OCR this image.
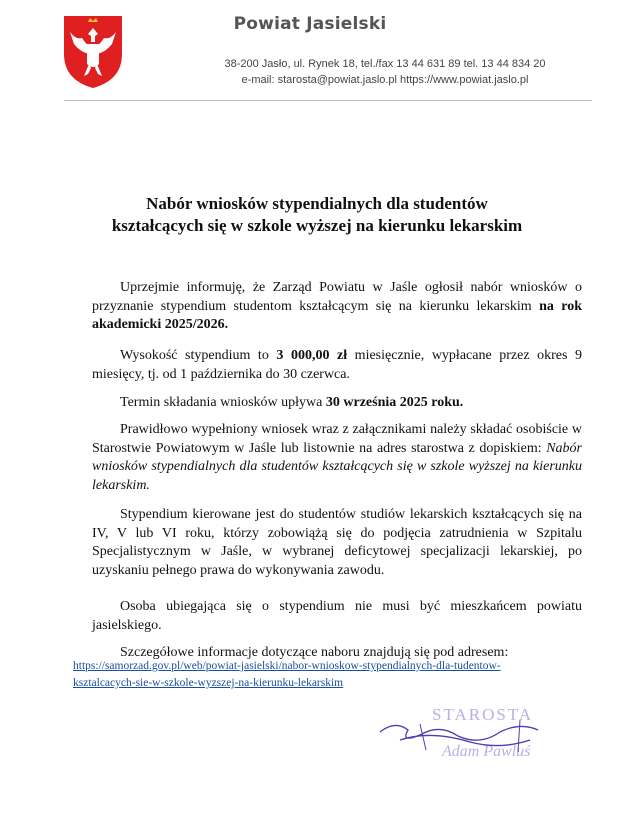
Powiat Jasielski
38-200 Jasło, ul. Rynek 18, tel./fax 13 44 631 89 tel. 13 44 834 20
e-mail: starosta@powiat.jaslo.pl https://www.powiat.jaslo.pl
Nabór wniosków stypendialnych dla studentów
kształcących się w szkole wyższej na kierunku lekarskim
Uprzejmie informuję, że Zarząd Powiatu w Jaśle ogłosił nabór wniosków o przyznanie stypendium studentom kształcącym się na kierunku lekarskim na rok akademicki 2025/2026.
Wysokość stypendium to 3 000,00 zł miesięcznie, wypłacane przez okres 9 miesięcy, tj. od 1 października do 30 czerwca.
Termin składania wniosków upływa 30 września 2025 roku.
Prawidłowo wypełniony wniosek wraz z załącznikami należy składać osobiście w Starostwie Powiatowym w Jaśle lub listownie na adres starostwa z dopiskiem: Nabór wniosków stypendialnych dla studentów kształcących się w szkole wyższej na kierunku lekarskim.
Stypendium kierowane jest do studentów studiów lekarskich kształcących się na IV, V lub VI roku, którzy zobowiążą się do podjęcia zatrudnienia w Szpitalu Specjalistycznym w Jaśle, w wybranej deficytowej specjalizacji lekarskiej, po uzyskaniu pełnego prawa do wykonywania zawodu.
Osoba ubiegająca się o stypendium nie musi być mieszkańcem powiatu jasielskiego.
Szczegółowe informacje dotyczące naboru znajdują się pod adresem:
https://samorzad.gov.pl/web/powiat-jasielski/nabor-wnioskow-stypendialnych-dla-tudentow-
ksztalcacych-sie-w-szkole-wyzszej-na-kierunku-lekarskim
STAROSTA
Adam Pawluś
